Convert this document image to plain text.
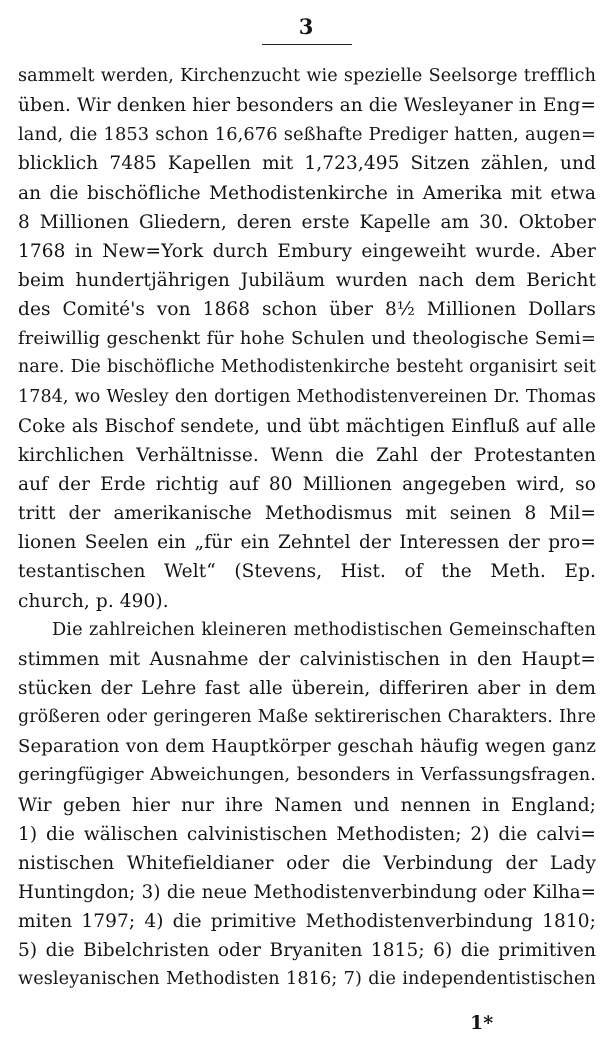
3
sammelt werden, Kirchenzucht wie spezielle Seelsorge trefflich
üben. Wir denken hier besonders an die Wesleyaner in Eng=
land, die 1853 schon 16,676 seßhafte Prediger hatten, augen=
blicklich 7485 Kapellen mit 1,723,495 Sitzen zählen, und
an die bischöfliche Methodistenkirche in Amerika mit etwa
8 Millionen Gliedern, deren erste Kapelle am 30. Oktober
1768 in New=York durch Embury eingeweiht wurde. Aber
beim hundertjährigen Jubiläum wurden nach dem Bericht
des Comité's von 1868 schon über 8½ Millionen Dollars
freiwillig geschenkt für hohe Schulen und theologische Semi=
nare. Die bischöfliche Methodistenkirche besteht organisirt seit
1784, wo Wesley den dortigen Methodistenvereinen Dr. Thomas
Coke als Bischof sendete, und übt mächtigen Einfluß auf alle
kirchlichen Verhältnisse. Wenn die Zahl der Protestanten
auf der Erde richtig auf 80 Millionen angegeben wird, so
tritt der amerikanische Methodismus mit seinen 8 Mil=
lionen Seelen ein „für ein Zehntel der Interessen der pro=
testantischen Welt“ (Stevens, Hist. of the Meth. Ep.
church, p. 490).
Die zahlreichen kleineren methodistischen Gemeinschaften
stimmen mit Ausnahme der calvinistischen in den Haupt=
stücken der Lehre fast alle überein, differiren aber in dem
größeren oder geringeren Maße sektirerischen Charakters. Ihre
Separation von dem Hauptkörper geschah häufig wegen ganz
geringfügiger Abweichungen, besonders in Verfassungsfragen.
Wir geben hier nur ihre Namen und nennen in England;
1) die wälischen calvinistischen Methodisten; 2) die calvi=
nistischen Whitefieldianer oder die Verbindung der Lady
Huntingdon; 3) die neue Methodistenverbindung oder Kilha=
miten 1797; 4) die primitive Methodistenverbindung 1810;
5) die Bibelchristen oder Bryaniten 1815; 6) die primitiven
wesleyanischen Methodisten 1816; 7) die independentistischen
1*
